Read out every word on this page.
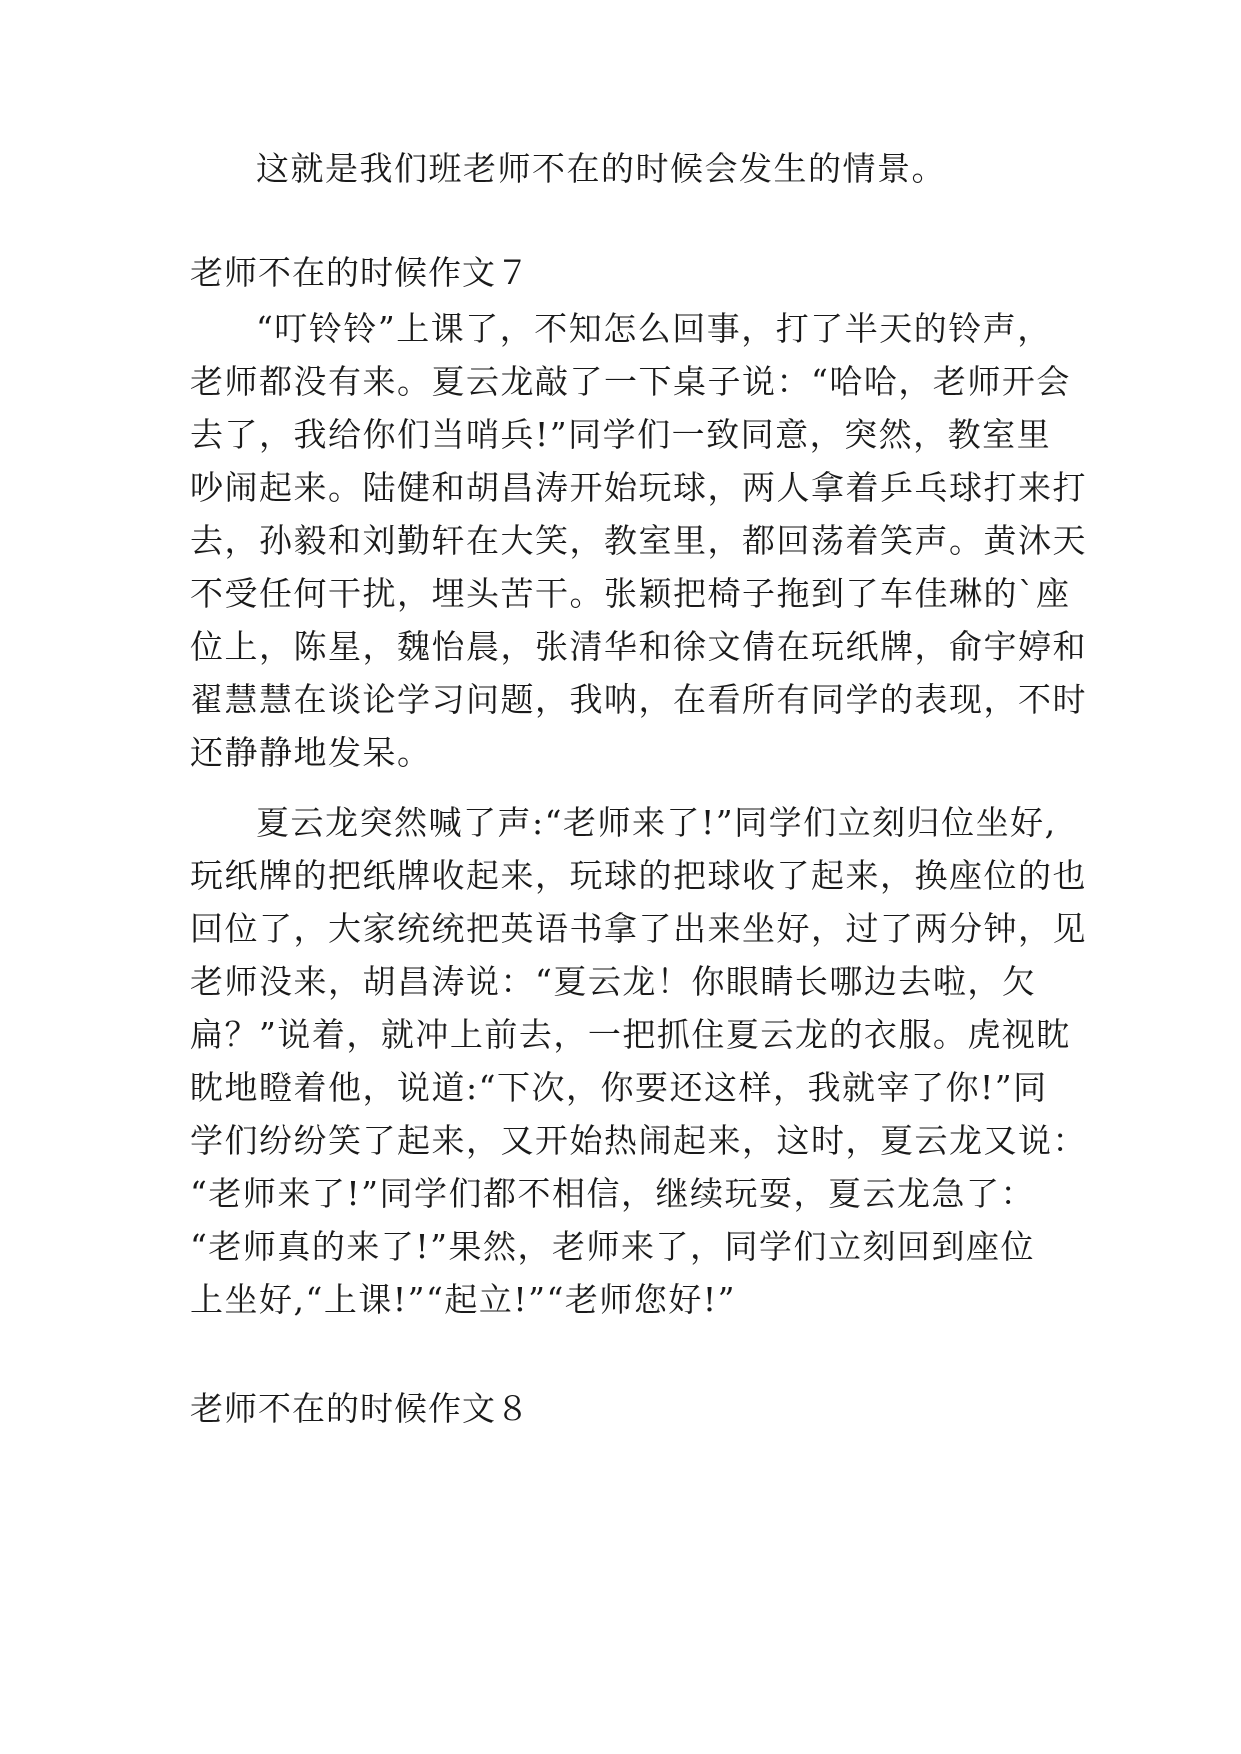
这就是我们班老师不在的时候会发生的情景。
老师不在的时候作文７
“叮铃铃”上课了，不知怎么回事，打了半天的铃声，
老师都没有来。夏云龙敲了一下桌子说：“哈哈，老师开会
去了，我给你们当哨兵!”同学们一致同意，突然，教室里
吵闹起来。陆健和胡昌涛开始玩球，两人拿着乒乓球打来打
去，孙毅和刘勤轩在大笑，教室里，都回荡着笑声。黄沐天
不受任何干扰，埋头苦干。张颖把椅子拖到了车佳琳的`座
位上，陈星，魏怡晨，张清华和徐文倩在玩纸牌，俞宇婷和
翟慧慧在谈论学习问题，我呐，在看所有同学的表现，不时
还静静地发呆。
夏云龙突然喊了声:“老师来了!”同学们立刻归位坐好,
玩纸牌的把纸牌收起来，玩球的把球收了起来，换座位的也
回位了，大家统统把英语书拿了出来坐好，过了两分钟，见
老师没来，胡昌涛说：“夏云龙！你眼睛长哪边去啦，欠
扁？”说着，就冲上前去，一把抓住夏云龙的衣服。虎视眈
眈地瞪着他，说道:“下次，你要还这样，我就宰了你!”同
学们纷纷笑了起来，又开始热闹起来，这时，夏云龙又说：
“老师来了!”同学们都不相信，继续玩耍，夏云龙急了：
“老师真的来了!”果然，老师来了，同学们立刻回到座位
上坐好,“上课!”“起立!”“老师您好!”
老师不在的时候作文８
